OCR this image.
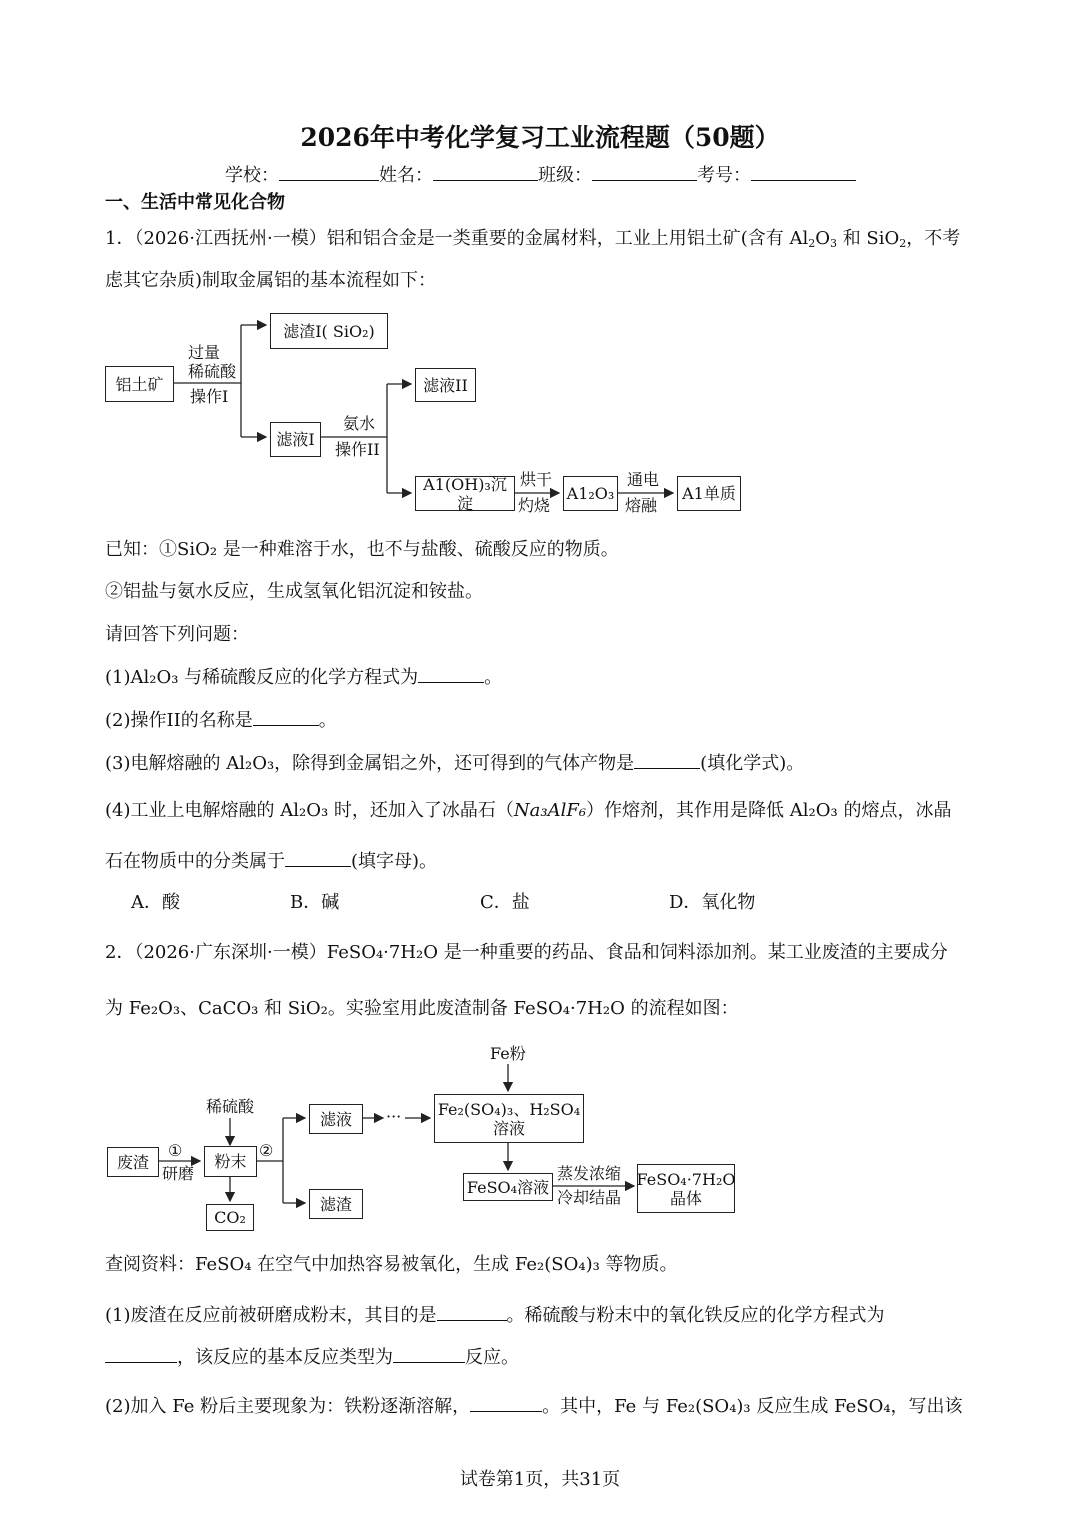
2026年中考化学复习工业流程题（50题）
学校：	姓名：	班级：	考号：
一、生活中常见化合物
1．（2026·江西抚州·一模）铝和铝合金是一类重要的金属材料，工业上用铝土矿(含有 $Al_2O_3$ 和 SiO$_2$，不考
虑其它杂质)制取金属铝的基本流程如下：
铝土矿
过量
稀硫酸
操作I
滤渣I( SiO₂)
滤液I
氨水
操作II
滤液II
A1(OH)₃沉淀
烘干
灼烧
A1₂O₃
通电
熔融
A1单质
已知：①SiO₂ 是一种难溶于水，也不与盐酸、硫酸反应的物质。
②铝盐与氨水反应，生成氢氧化铝沉淀和铵盐。
请回答下列问题：
(1)Al₂O₃ 与稀硫酸反应的化学方程式为	。
(2)操作II的名称是	。
(3)电解熔融的 Al₂O₃，除得到金属铝之外，还可得到的气体产物是	(填化学式)。
(4)工业上电解熔融的 Al₂O₃ 时，还加入了冰晶石（Na₃AlF₆）作熔剂，其作用是降低 Al₂O₃ 的熔点，冰晶
石在物质中的分类属于	(填字母)。
A．酸	B．碱	C．盐	D．氧化物
2．（2026·广东深圳·一模）FeSO₄·7H₂O 是一种重要的药品、食品和饲料添加剂。某工业废渣的主要成分
为 Fe₂O₃、CaCO₃ 和 SiO₂。实验室用此废渣制备 FeSO₄·7H₂O 的流程如图：
废渣
①
研磨
稀硫酸
粉末
②
CO₂
滤液	···
滤渣
Fe粉
Fe₂(SO₄)₃、H₂SO₄
溶液
FeSO₄溶液
蒸发浓缩
冷却结晶
FeSO₄·7H₂O
晶体
查阅资料：FeSO₄ 在空气中加热容易被氧化，生成 Fe₂(SO₄)₃ 等物质。
(1)废渣在反应前被研磨成粉末，其目的是	。稀硫酸与粉末中的氧化铁反应的化学方程式为
，该反应的基本反应类型为	反应。
(2)加入 Fe 粉后主要现象为：铁粉逐渐溶解，	。其中，Fe 与 Fe₂(SO₄)₃ 反应生成 FeSO₄，写出该
试卷第1页，共31页
